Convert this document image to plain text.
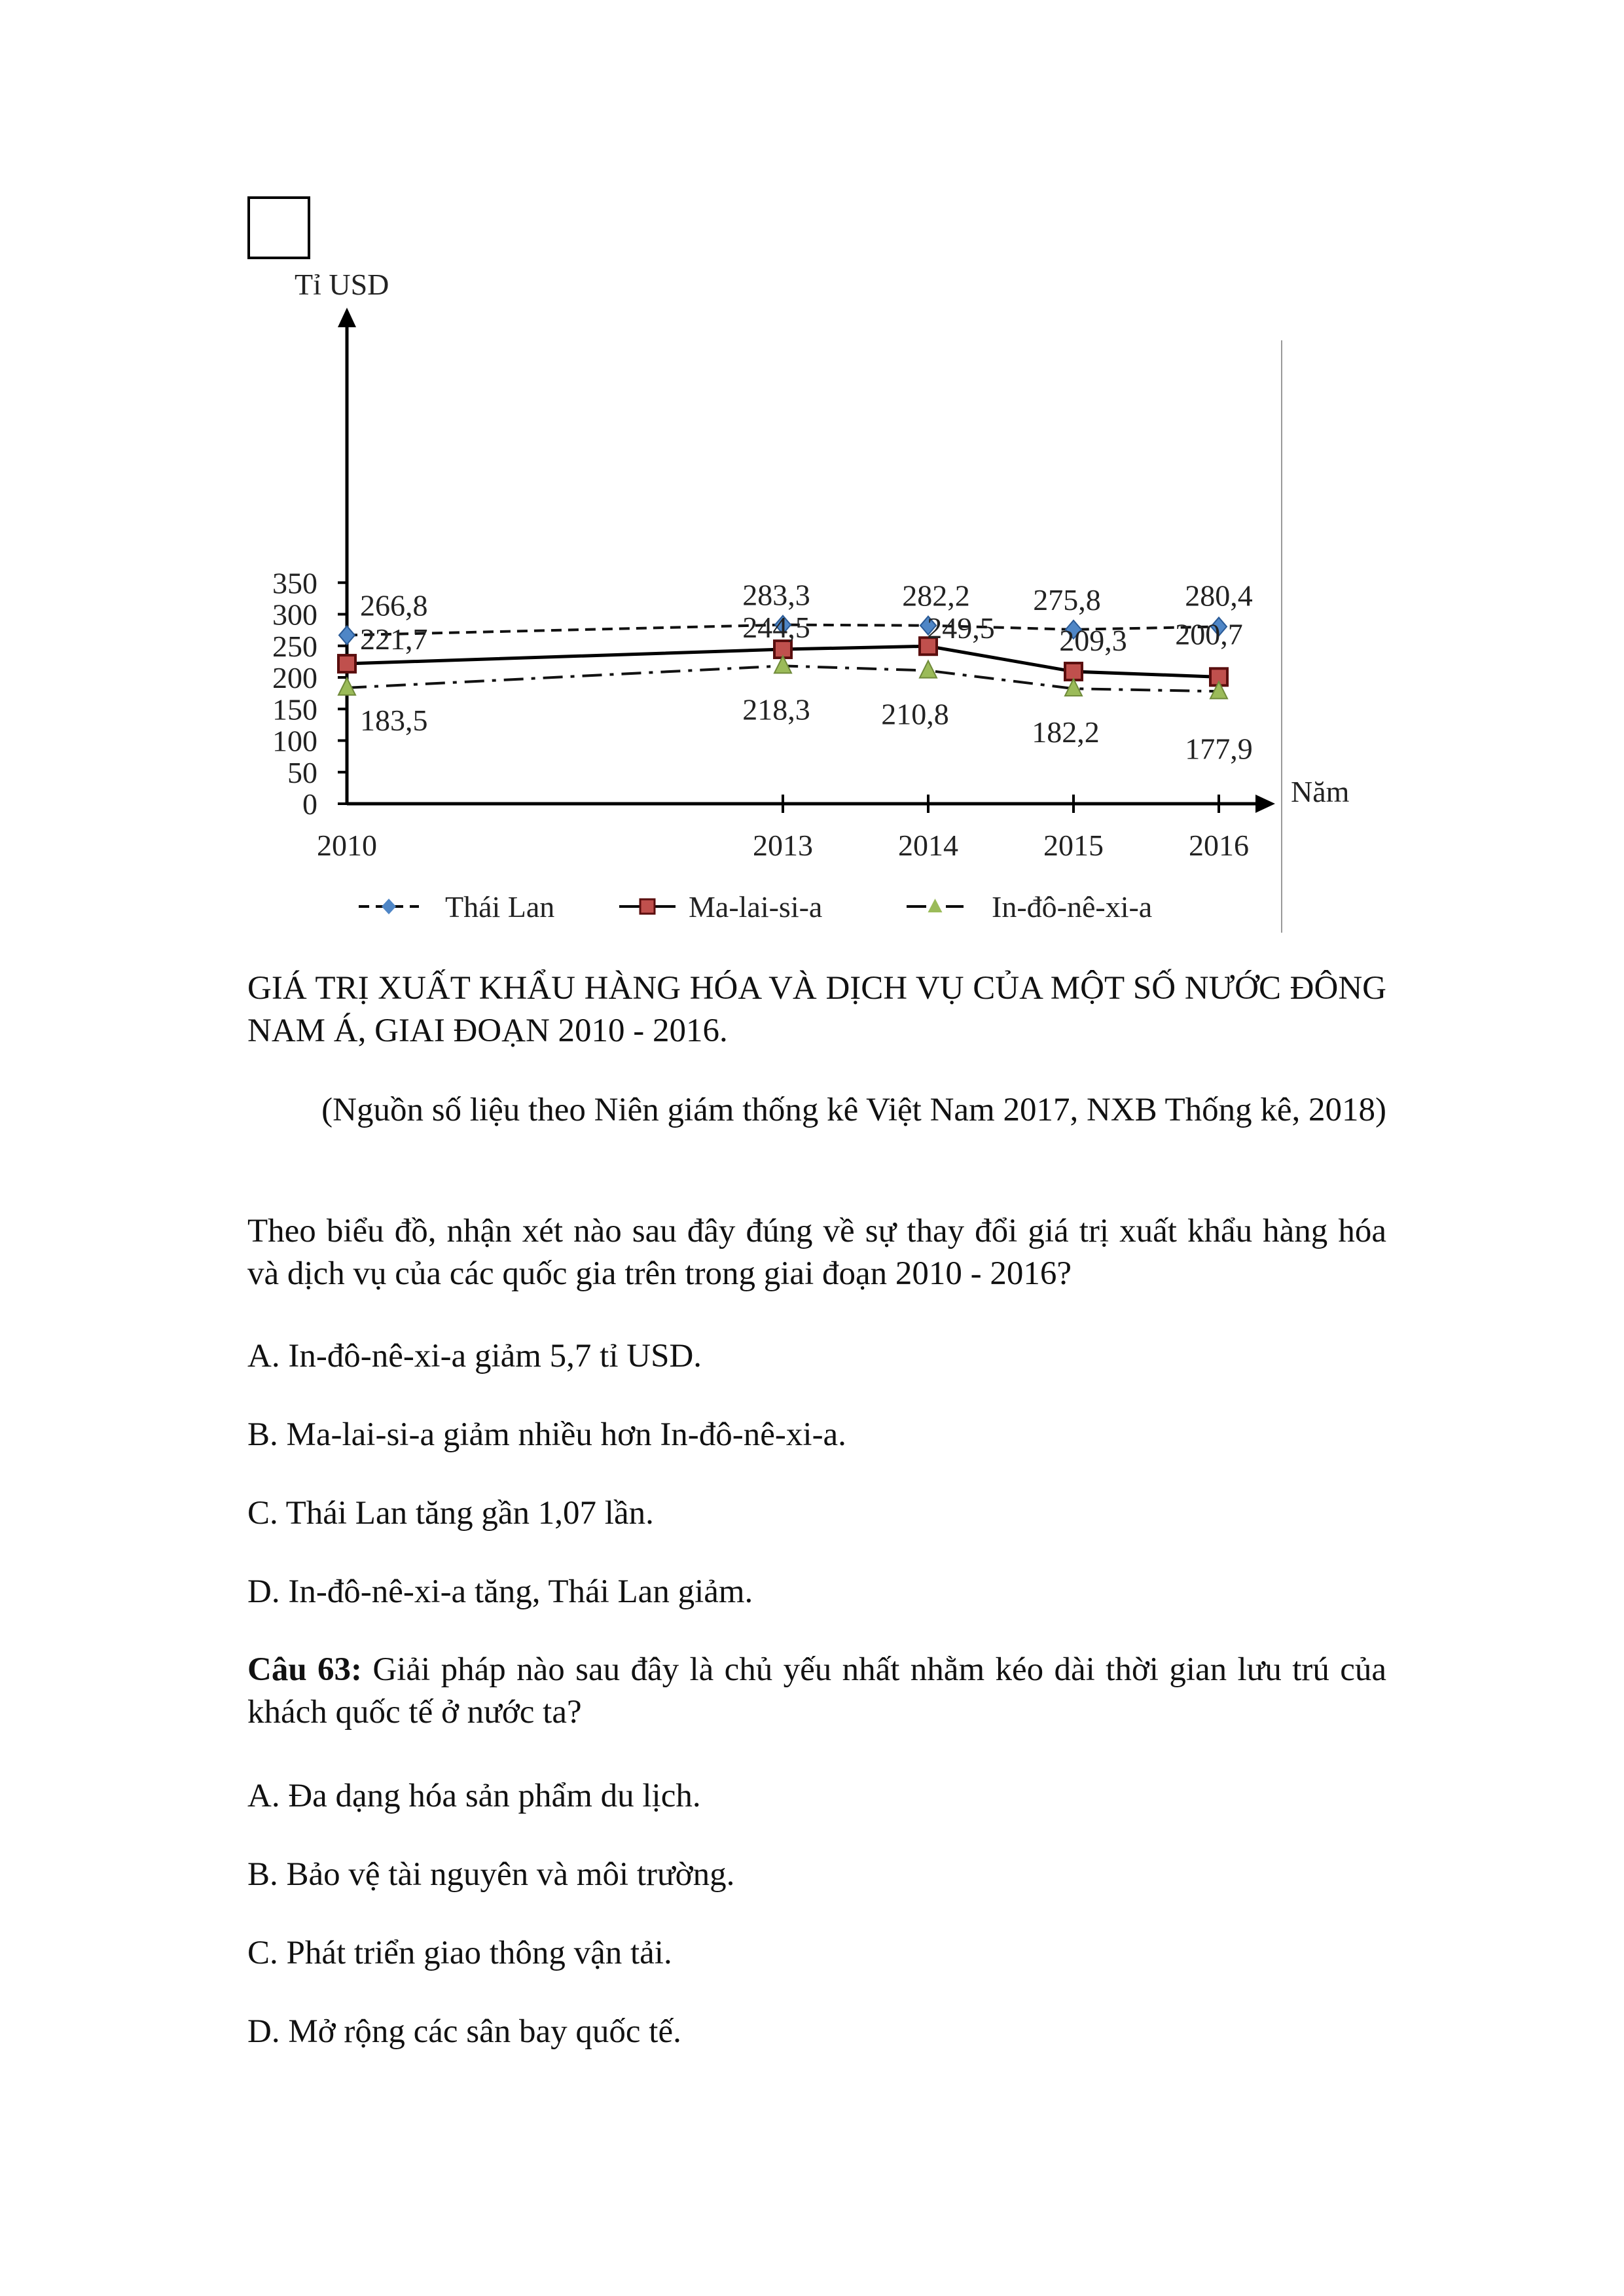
Tỉ USD
Năm
0
50
100
150
200
250
300
350
2010	2013	2014	2015	2016
266,8	283,3	282,2 275,8	280,4
221,7	244,5	249,5 209,3 200,7
183,5	218,3 210,8
182,2	177,9
Thái Lan	Ma-lai-si-a	In-đô-nê-xi-a

GIÁ TRỊ XUẤT KHẨU HÀNG HÓA VÀ DỊCH VỤ CỦA MỘT SỐ NƯỚC ĐÔNG NAM Á, GIAI ĐOẠN 2010 - 2016.

(Nguồn số liệu theo Niên giám thống kê Việt Nam 2017, NXB Thống kê, 2018)

Theo biểu đồ, nhận xét nào sau đây đúng về sự thay đổi giá trị xuất khẩu hàng hóa và dịch vụ của các quốc gia trên trong giai đoạn 2010 - 2016?

A. In-đô-nê-xi-a giảm 5,7 tỉ USD.

B. Ma-lai-si-a giảm nhiều hơn In-đô-nê-xi-a.

C. Thái Lan tăng gần 1,07 lần.

D. In-đô-nê-xi-a tăng, Thái Lan giảm.

Câu 63: Giải pháp nào sau đây là chủ yếu nhất nhằm kéo dài thời gian lưu trú của khách quốc tế ở nước ta?

A. Đa dạng hóa sản phẩm du lịch.

B. Bảo vệ tài nguyên và môi trường.

C. Phát triển giao thông vận tải.

D. Mở rộng các sân bay quốc tế.
